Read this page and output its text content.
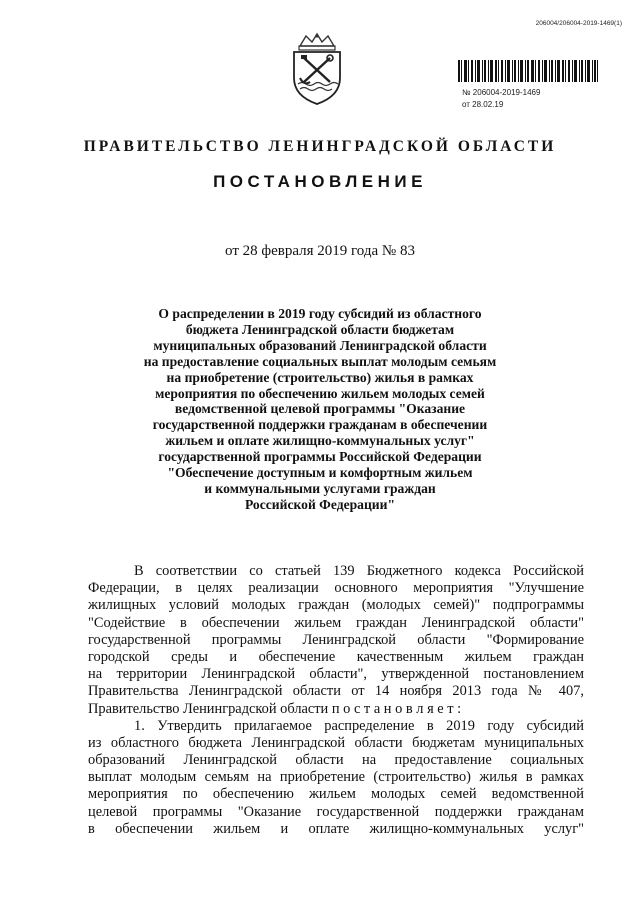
206004/206004-2019-1469(1)
№ 206004-2019-1469
от 28.02.19
ПРАВИТЕЛЬСТВО ЛЕНИНГРАДСКОЙ ОБЛАСТИ
ПОСТАНОВЛЕНИЕ
от 28 февраля 2019 года № 83
О распределении в 2019 году субсидий из областного
бюджета Ленинградской области бюджетам
муниципальных образований Ленинградской области
на предоставление социальных выплат молодым семьям
на приобретение (строительство) жилья в рамках
мероприятия по обеспечению жильем молодых семей
ведомственной целевой программы "Оказание
государственной поддержки гражданам в обеспечении
жильем и оплате жилищно-коммунальных услуг"
государственной программы Российской Федерации
"Обеспечение доступным и комфортным жильем
и коммунальными услугами граждан
Российской Федерации"
В соответствии со статьей 139 Бюджетного кодекса Российской
Федерации, в целях реализации основного мероприятия "Улучшение
жилищных условий молодых граждан (молодых семей)" подпрограммы
"Содействие в обеспечении жильем граждан Ленинградской области"
государственной программы Ленинградской области "Формирование
городской среды и обеспечение качественным жильем граждан
на территории Ленинградской области", утвержденной постановлением
Правительства Ленинградской области от 14 ноября 2013 года № 407,
Правительство Ленинградской области п о с т а н о в л я е т :
1. Утвердить прилагаемое распределение в 2019 году субсидий
из областного бюджета Ленинградской области бюджетам муниципальных
образований Ленинградской области на предоставление социальных
выплат молодым семьям на приобретение (строительство) жилья в рамках
мероприятия по обеспечению жильем молодых семей ведомственной
целевой программы "Оказание государственной поддержки гражданам
в обеспечении жильем и оплате жилищно-коммунальных услуг"
